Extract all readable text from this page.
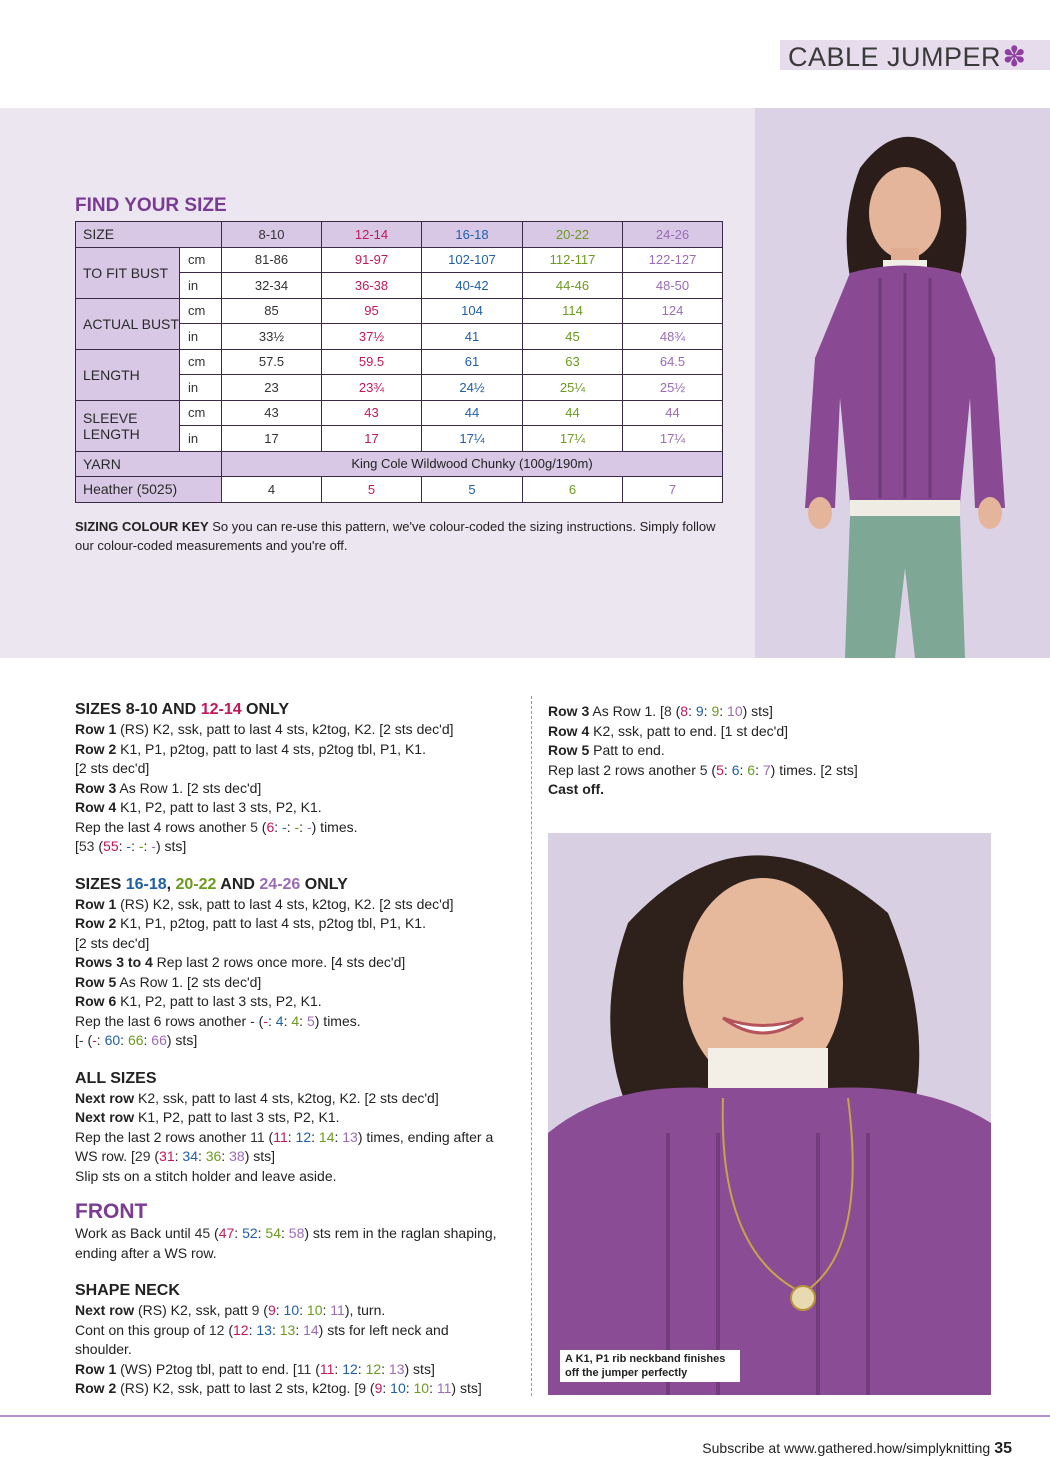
CABLE JUMPER ✽
FIND YOUR SIZE
SIZE		8-10	12-14	16-18	20-22	24-26
TO FIT BUST	cm	81-86	91-97	102-107	112-117	122-127
	in	32-34	36-38	40-42	44-46	48-50
ACTUAL BUST	cm	85	95	104	114	124
	in	33½	37½	41	45	48¾
LENGTH	cm	57.5	59.5	61	63	64.5
	in	23	23¾	24½	25¼	25½
SLEEVE LENGTH	cm	43	43	44	44	44
	in	17	17	17¼	17¼	17¼
YARN		King Cole Wildwood Chunky (100g/190m)				
Heather (5025)		4	5	5	6	7
SIZING COLOUR KEY So you can re-use this pattern, we've colour-coded the sizing instructions. Simply follow our colour-coded measurements and you're off.
SIZES 8-10 AND 12-14 ONLY

Row 1 (RS) K2, ssk, patt to last 4 sts, k2tog, K2. [2 sts dec'd]

Row 2 K1, P1, p2tog, patt to last 4 sts, p2tog tbl, P1, K1.

[2 sts dec'd]

Row 3 As Row 1. [2 sts dec'd]

Row 4 K1, P2, patt to last 3 sts, P2, K1.

Rep the last 4 rows another 5 (6: -: -: -) times.

[53 (55: -: -: -) sts]

SIZES 16-18, 20-22 AND 24-26 ONLY

Row 1 (RS) K2, ssk, patt to last 4 sts, k2tog, K2. [2 sts dec'd]

Row 2 K1, P1, p2tog, patt to last 4 sts, p2tog tbl, P1, K1.

[2 sts dec'd]

Rows 3 to 4 Rep last 2 rows once more. [4 sts dec'd]

Row 5 As Row 1. [2 sts dec'd]

Row 6 K1, P2, patt to last 3 sts, P2, K1.

Rep the last 6 rows another - (-: 4: 4: 5) times.

[- (-: 60: 66: 66) sts]

ALL SIZES

Next row K2, ssk, patt to last 4 sts, k2tog, K2. [2 sts dec'd]

Next row K1, P2, patt to last 3 sts, P2, K1.

Rep the last 2 rows another 11 (11: 12: 14: 13) times, ending after a

WS row. [29 (31: 34: 36: 38) sts]

Slip sts on a stitch holder and leave aside.

FRONT

Work as Back until 45 (47: 52: 54: 58) sts rem in the raglan shaping,

ending after a WS row.

SHAPE NECK

Next row (RS) K2, ssk, patt 9 (9: 10: 10: 11), turn.

Cont on this group of 12 (12: 13: 13: 14) sts for left neck and

shoulder.

Row 1 (WS) P2tog tbl, patt to end. [11 (11: 12: 12: 13) sts]

Row 2 (RS) K2, ssk, patt to last 2 sts, k2tog. [9 (9: 10: 10: 11) sts]

Row 3 As Row 1. [8 (8: 9: 9: 10) sts]

Row 4 K2, ssk, patt to end. [1 st dec'd]

Row 5 Patt to end.

Rep last 2 rows another 5 (5: 6: 6: 7) times. [2 sts]

Cast off.

A K1, P1 rib neckband finishes off the jumper perfectly
Subscribe at www.gathered.how/simplyknitting 35
